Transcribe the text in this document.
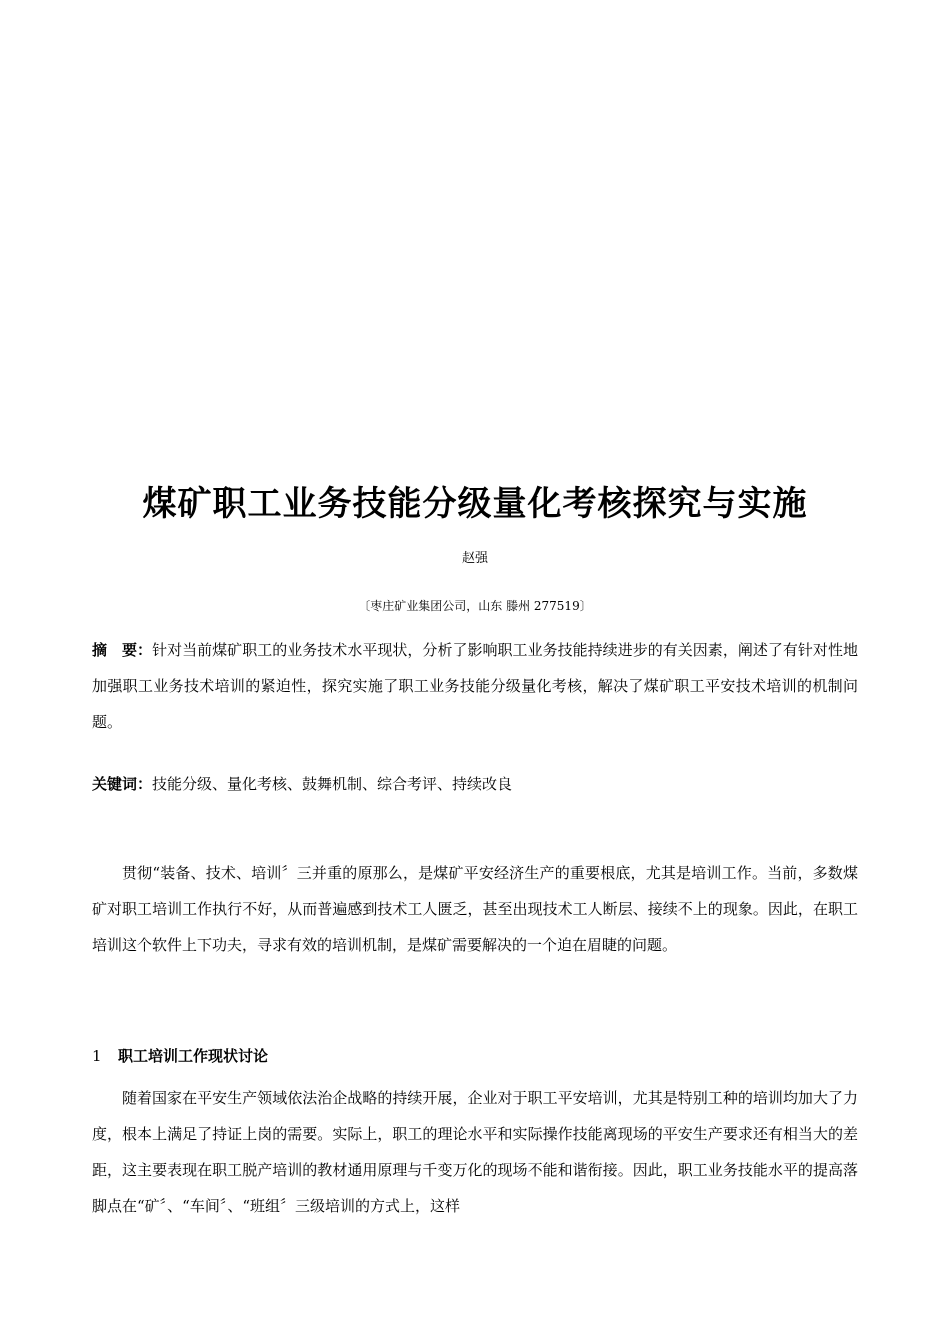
煤矿职工业务技能分级量化考核探究与实施
赵强
〔枣庄矿业集团公司，山东 滕州 277519〕
摘　要：针对当前煤矿职工的业务技术水平现状，分析了影响职工业务技能持续进步的有关因素，阐述了有针对性地加强职工业务技术培训的紧迫性，探究实施了职工业务技能分级量化考核，解决了煤矿职工平安技术培训的机制问题。
关键词：技能分级、量化考核、鼓舞机制、综合考评、持续改良
贯彻“装备、技术、培训〞三并重的原那么，是煤矿平安经济生产的重要根底，尤其是培训工作。当前，多数煤矿对职工培训工作执行不好，从而普遍感到技术工人匮乏，甚至出现技术工人断层、接续不上的现象。因此，在职工培训这个软件上下功夫，寻求有效的培训机制，是煤矿需要解决的一个迫在眉睫的问题。
1 职工培训工作现状讨论
随着国家在平安生产领域依法治企战略的持续开展，企业对于职工平安培训，尤其是特别工种的培训均加大了力度，根本上满足了持证上岗的需要。实际上，职工的理论水平和实际操作技能离现场的平安生产要求还有相当大的差距，这主要表现在职工脱产培训的教材通用原理与千变万化的现场不能和谐衔接。因此，职工业务技能水平的提高落脚点在“矿〞、“车间〞、“班组〞三级培训的方式上，这样
